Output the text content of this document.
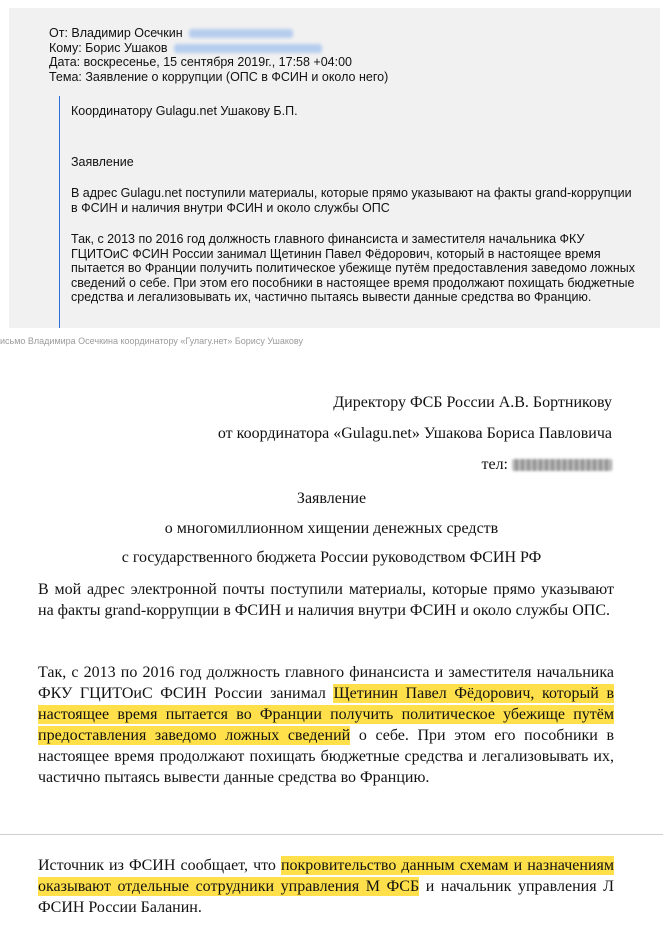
От: Владимир Осечкин
Кому: Борис Ушаков
Дата: воскресенье, 15 сентября 2019г., 17:58 +04:00
Тема: Заявление о коррупции (ОПС в ФСИН и около него)

Координатору Gulagu.net Ушакову Б.П.

Заявление

В адрес Gulagu.net поступили материалы, которые прямо указывают на факты grand-коррупции в ФСИН и наличия внутри ФСИН и около службы ОПС

Так, с 2013 по 2016 год должность главного финансиста и заместителя начальника ФКУ ГЦИТОиС ФСИН России занимал Щетинин Павел Фёдорович, который в настоящее время пытается во Франции получить политическое убежище путём предоставления заведомо ложных сведений о себе. При этом его пособники в настоящее время продолжают похищать бюджетные средства и легализовывать их, частично пытаясь вывести данные средства во Францию.

исьмо Владимира Осечкина координатору «Гулагу.нет» Борису Ушакову
Директору ФСБ России А.В. Бортникову
от координатора «Gulagu.net» Ушакова Бориса Павловича
тел:
Заявление
о многомиллионном хищении денежных средств
с государственного бюджета России руководством ФСИН РФ
В мой адрес электронной почты поступили материалы, которые прямо указывают на факты grand-коррупции в ФСИН и наличия внутри ФСИН и около службы ОПС.
Так, с 2013 по 2016 год должность главного финансиста и заместителя начальника ФКУ ГЦИТОиС ФСИН России занимал Щетинин Павел Фёдорович, который в настоящее время пытается во Франции получить политическое убежище путём предоставления заведомо ложных сведений о себе. При этом его пособники в настоящее время продолжают похищать бюджетные средства и легализовывать их, частично пытаясь вывести данные средства во Францию.
Источник из ФСИН сообщает, что покровительство данным схемам и назначениям оказывают отдельные сотрудники управления М ФСБ и начальник управления Л ФСИН России Баланин.
